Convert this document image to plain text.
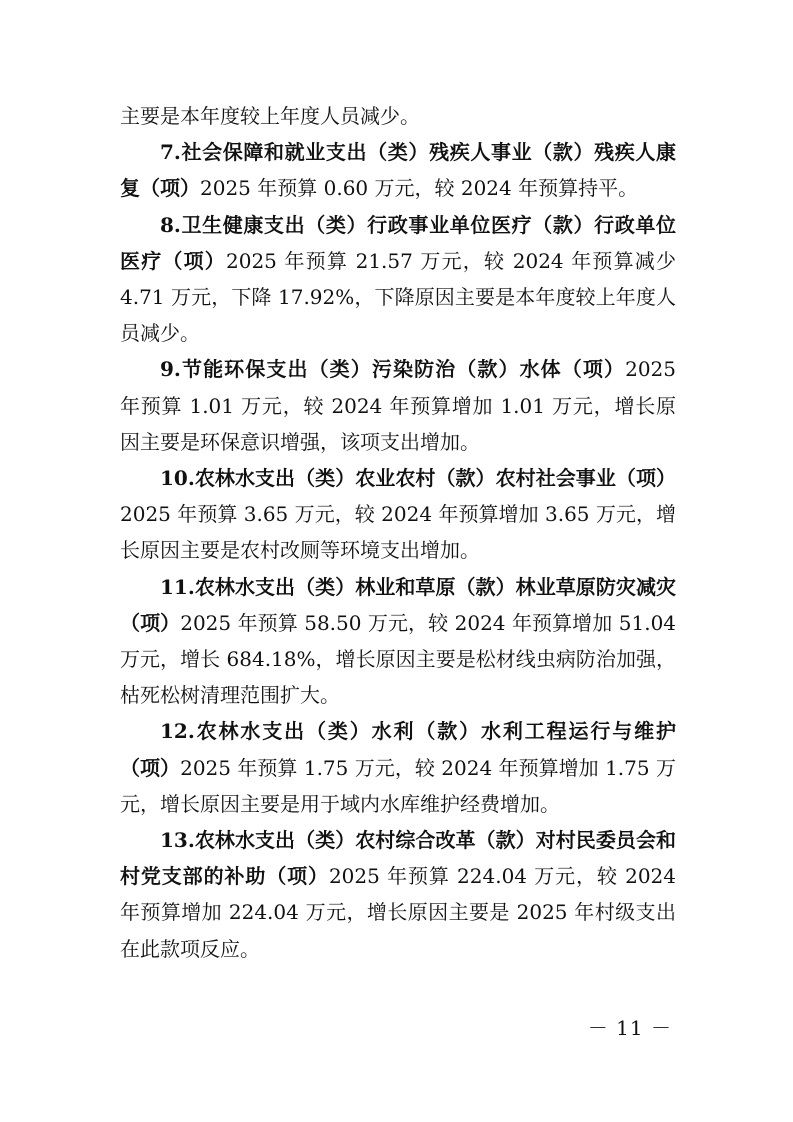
主要是本年度较上年度人员减少。

7.社会保障和就业支出（类）残疾人事业（款）残疾人康复（项）2025 年预算 0.60 万元，较 2024 年预算持平。

8.卫生健康支出（类）行政事业单位医疗（款）行政单位医疗（项）2025 年预算 21.57 万元，较 2024 年预算减少 4.71 万元，下降 17.92%，下降原因主要是本年度较上年度人员减少。

9.节能环保支出（类）污染防治（款）水体（项）2025 年预算 1.01 万元，较 2024 年预算增加 1.01 万元，增长原因主要是环保意识增强，该项支出增加。

10.农林水支出（类）农业农村（款）农村社会事业（项）2025 年预算 3.65 万元，较 2024 年预算增加 3.65 万元，增长原因主要是农村改厕等环境支出增加。

11.农林水支出（类）林业和草原（款）林业草原防灾减灾（项）2025 年预算 58.50 万元，较 2024 年预算增加 51.04 万元，增长 684.18%，增长原因主要是松材线虫病防治加强，枯死松树清理范围扩大。

12.农林水支出（类）水利（款）水利工程运行与维护（项）2025 年预算 1.75 万元，较 2024 年预算增加 1.75 万元，增长原因主要是用于域内水库维护经费增加。

13.农林水支出（类）农村综合改革（款）对村民委员会和村党支部的补助（项）2025 年预算 224.04 万元，较 2024 年预算增加 224.04 万元，增长原因主要是 2025 年村级支出在此款项反应。

－ 11 －
